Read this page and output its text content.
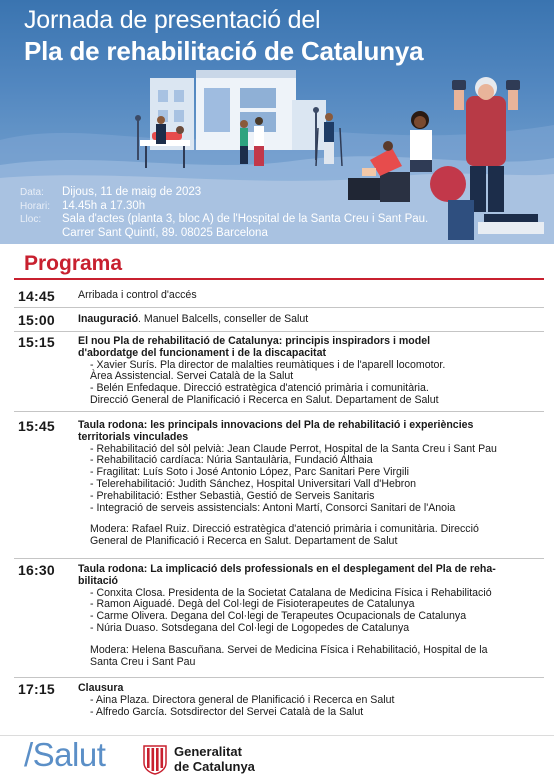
Jornada de presentació del
Pla de rehabilitació de Catalunya
Data:	Dijous, 11 de maig de 2023
Horari:	14.45h a 17.30h
Lloc:	Sala d'actes (planta 3, bloc A) de l'Hospital de la Santa Creu i Sant Pau.
Carrer Sant Quintí, 89. 08025 Barcelona
Programa
14:45 Arribada i control d'accés
15:00 Inauguració. Manuel Balcells, conseller de Salut
15:15 El nou Pla de rehabilitació de Catalunya: principis inspiradors i model
d'abordatge del funcionament i de la discapacitat
- Xavier Surís. Pla director de malalties reumàtiques i de l'aparell locomotor.
Àrea Assistencial. Servei Català de la Salut
- Belén Enfedaque. Direcció estratègica d'atenció primària i comunitària.
Direcció General de Planificació i Recerca en Salut. Departament de Salut
15:45 Taula rodona: les principals innovacions del Pla de rehabilitació i experiències
territorials vinculades
- Rehabilitació del sòl pelvià: Jean Claude Perrot, Hospital de la Santa Creu i Sant Pau
- Rehabilitació cardíaca: Núria Santaulària, Fundació Althaia
- Fragilitat: Luís Soto i José Antonio López, Parc Sanitari Pere Virgili
- Telerehabilitació: Judith Sánchez, Hospital Universitari Vall d'Hebron
- Prehabilitació: Esther Sebastià, Gestió de Serveis Sanitaris
- Integració de serveis assistencials: Antoni Martí, Consorci Sanitari de l'Anoia
Modera: Rafael Ruiz. Direcció estratègica d'atenció primària i comunitària. Direcció
General de Planificació i Recerca en Salut. Departament de Salut
16:30 Taula rodona: La implicació dels professionals en el desplegament del Pla de reha-
bilitació
- Conxita Closa. Presidenta de la Societat Catalana de Medicina Física i Rehabilitació
- Ramon Aiguadé. Degà del Col·legi de Fisioterapeutes de Catalunya
- Carme Olivera. Degana del Col·legi de Terapeutes Ocupacionals de Catalunya
- Núria Duaso. Sotsdegana del Col·legi de Logopedes de Catalunya
Modera: Helena Bascuñana. Servei de Medicina Física i Rehabilitació, Hospital de la
Santa Creu i Sant Pau
17:15 Clausura
- Aina Plaza. Directora general de Planificació i Recerca en Salut
- Alfredo García. Sotsdirector del Servei Català de la Salut
/Salut	Generalitat
de Catalunya
